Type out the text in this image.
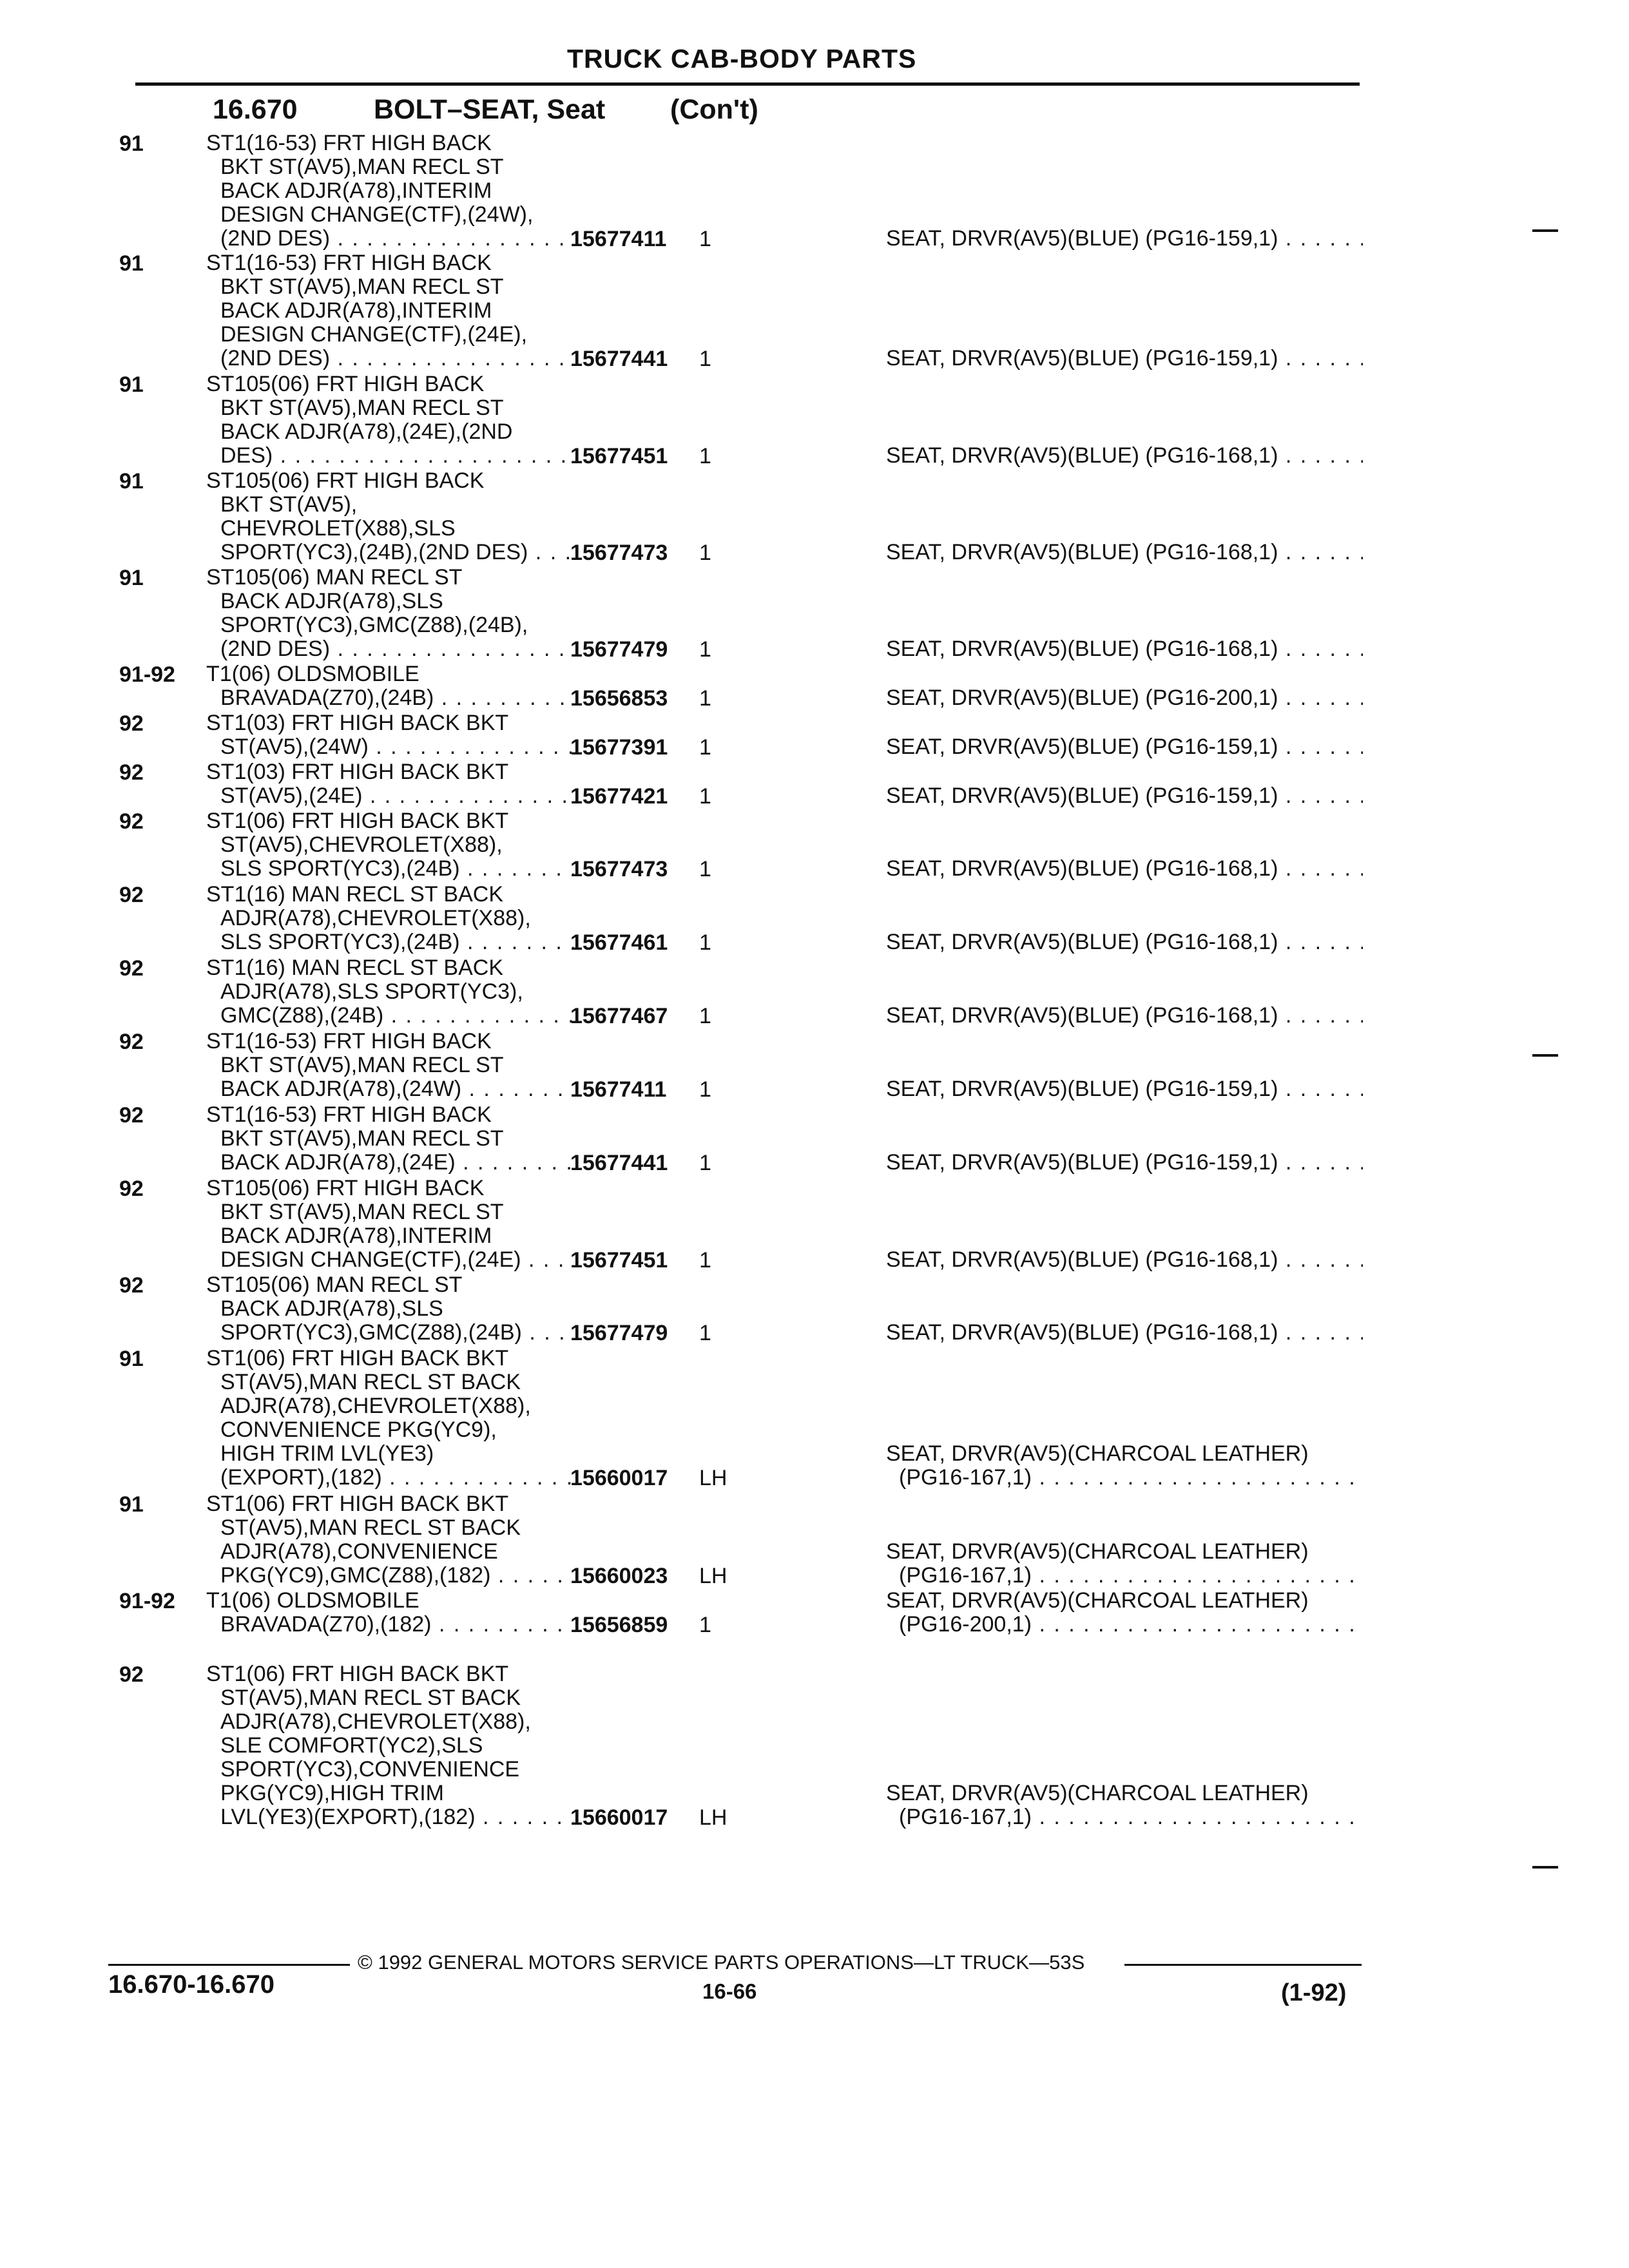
TRUCK CAB-BODY PARTS
16.670	BOLT–SEAT, Seat (Con't)
91	ST1(16-53) FRT HIGH BACK
BKT ST(AV5),MAN RECL ST
BACK ADJR(A78),INTERIM
DESIGN CHANGE(CTF),(24W),
(2ND DES) . . .	15677411	1	SEAT, DRVR(AV5)(BLUE) (PG16-159,1) . . .
91	ST1(16-53) FRT HIGH BACK
BKT ST(AV5),MAN RECL ST
BACK ADJR(A78),INTERIM
DESIGN CHANGE(CTF),(24E),
(2ND DES) . . .	15677441	1	SEAT, DRVR(AV5)(BLUE) (PG16-159,1) . . .
91	ST105(06) FRT HIGH BACK
BKT ST(AV5),MAN RECL ST
BACK ADJR(A78),(24E),(2ND
DES) . . .	15677451	1	SEAT, DRVR(AV5)(BLUE) (PG16-168,1) . . .
91	ST105(06) FRT HIGH BACK
BKT ST(AV5),
CHEVROLET(X88),SLS
SPORT(YC3),(24B),(2ND DES) . . .	15677473	1	SEAT, DRVR(AV5)(BLUE) (PG16-168,1) . . .
91	ST105(06) MAN RECL ST
BACK ADJR(A78),SLS
SPORT(YC3),GMC(Z88),(24B),
(2ND DES) . . .	15677479	1	SEAT, DRVR(AV5)(BLUE) (PG16-168,1) . . .
91-92 T1(06) OLDSMOBILE
BRAVADA(Z70),(24B) . . .	15656853	1	SEAT, DRVR(AV5)(BLUE) (PG16-200,1) . . .
92	ST1(03) FRT HIGH BACK BKT
ST(AV5),(24W) . . .	15677391	1	SEAT, DRVR(AV5)(BLUE) (PG16-159,1) . . .
92	ST1(03) FRT HIGH BACK BKT
ST(AV5),(24E) . . .	15677421	1	SEAT, DRVR(AV5)(BLUE) (PG16-159,1) . . .
92	ST1(06) FRT HIGH BACK BKT
ST(AV5),CHEVROLET(X88),
SLS SPORT(YC3),(24B) . . .	15677473	1	SEAT, DRVR(AV5)(BLUE) (PG16-168,1) . . .
92	ST1(16) MAN RECL ST BACK
ADJR(A78),CHEVROLET(X88),
SLS SPORT(YC3),(24B) . . .	15677461	1	SEAT, DRVR(AV5)(BLUE) (PG16-168,1) . . .
92	ST1(16) MAN RECL ST BACK
ADJR(A78),SLS SPORT(YC3),
GMC(Z88),(24B) . . .	15677467	1	SEAT, DRVR(AV5)(BLUE) (PG16-168,1) . . .
92	ST1(16-53) FRT HIGH BACK
BKT ST(AV5),MAN RECL ST
BACK ADJR(A78),(24W) . . .	15677411	1	SEAT, DRVR(AV5)(BLUE) (PG16-159,1) . . .
92	ST1(16-53) FRT HIGH BACK
BKT ST(AV5),MAN RECL ST
BACK ADJR(A78),(24E) . . .	15677441	1	SEAT, DRVR(AV5)(BLUE) (PG16-159,1) . . .
92	ST105(06) FRT HIGH BACK
BKT ST(AV5),MAN RECL ST
BACK ADJR(A78),INTERIM
DESIGN CHANGE(CTF),(24E) . . .	15677451	1	SEAT, DRVR(AV5)(BLUE) (PG16-168,1) . . .
92	ST105(06) MAN RECL ST
BACK ADJR(A78),SLS
SPORT(YC3),GMC(Z88),(24B) . . .	15677479	1	SEAT, DRVR(AV5)(BLUE) (PG16-168,1) . . .
91	ST1(06) FRT HIGH BACK BKT
ST(AV5),MAN RECL ST BACK
ADJR(A78),CHEVROLET(X88),
CONVENIENCE PKG(YC9),
HIGH TRIM LVL(YE3)
(EXPORT),(182) . . .	15660017	LH
SEAT, DRVR(AV5)(CHARCOAL LEATHER)
(PG16-167,1) . . .
91	ST1(06) FRT HIGH BACK BKT
ST(AV5),MAN RECL ST BACK
ADJR(A78),CONVENIENCE
PKG(YC9),GMC(Z88),(182) . . .	15660023	LH
SEAT, DRVR(AV5)(CHARCOAL LEATHER)
(PG16-167,1) . . .
91-92 T1(06) OLDSMOBILE
BRAVADA(Z70),(182) . . .	15656859	1
SEAT, DRVR(AV5)(CHARCOAL LEATHER)
(PG16-200,1) . . .
92	ST1(06) FRT HIGH BACK BKT
ST(AV5),MAN RECL ST BACK
ADJR(A78),CHEVROLET(X88),
SLE COMFORT(YC2),SLS
SPORT(YC3),CONVENIENCE
PKG(YC9),HIGH TRIM
LVL(YE3)(EXPORT),(182) . . .	15660017	LH
SEAT, DRVR(AV5)(CHARCOAL LEATHER)
(PG16-167,1) . . .
© 1992 GENERAL MOTORS SERVICE PARTS OPERATIONS—LT TRUCK—53S
16.670-16.670	16-66	(1-92)
